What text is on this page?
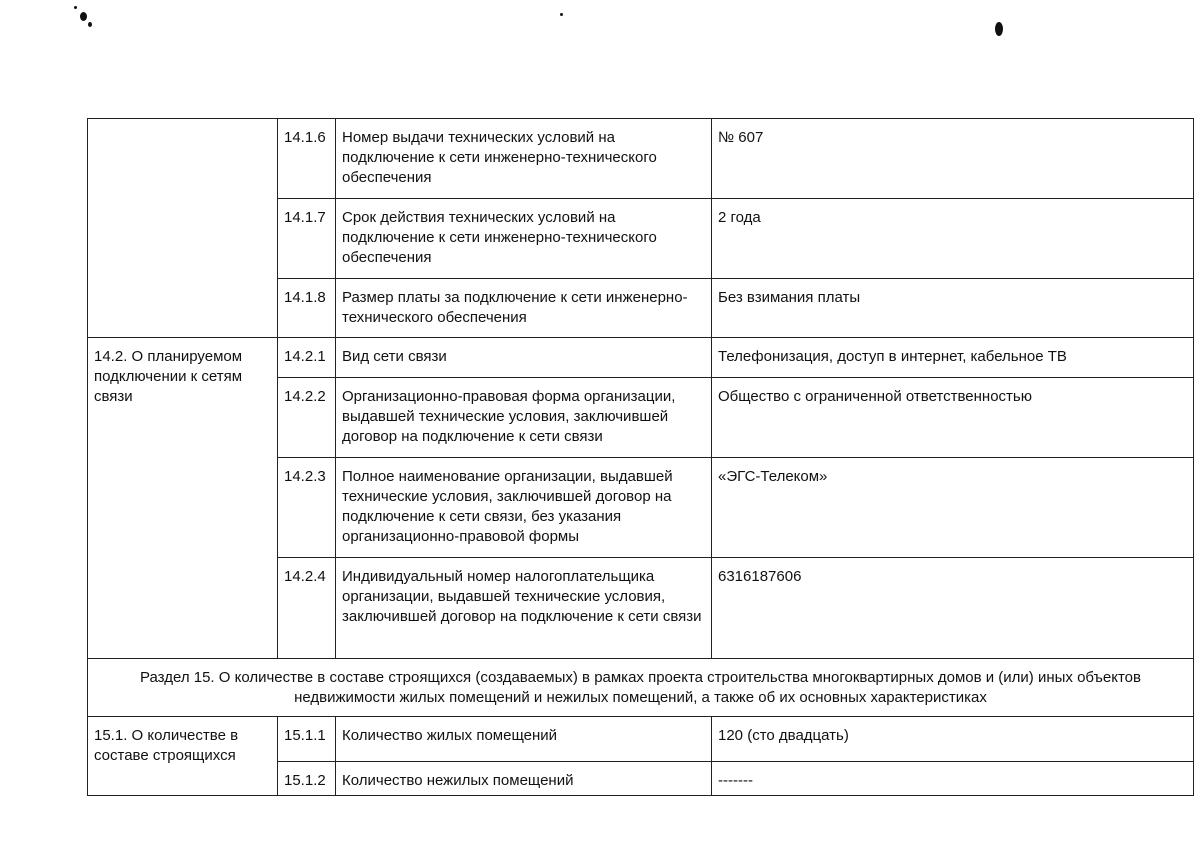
	14.1.6	Номер выдачи технических условий на подключение к сети инженерно-технического обеспечения	№ 607
	14.1.7	Срок действия технических условий на подключение к сети инженерно-технического обеспечения	2 года
	14.1.8	Размер платы за подключение к сети инженерно-технического обеспечения	Без взимания платы
14.2. О планируемом подключении к сетям связи	14.2.1	Вид сети связи	Телефонизация, доступ в интернет, кабельное ТВ
	14.2.2	Организационно-правовая форма организации, выдавшей технические условия, заключившей договор на подключение к сети связи	Общество с ограниченной ответственностью
	14.2.3	Полное наименование организации, выдавшей технические условия, заключившей договор на подключение к сети связи, без указания организационно-правовой формы	«ЭГС-Телеком»
	14.2.4	Индивидуальный номер налогоплательщика организации, выдавшей технические условия, заключившей договор на подключение к сети связи	6316187606
Раздел 15. О количестве в составе строящихся (создаваемых) в рамках проекта строительства многоквартирных домов и (или) иных объектов недвижимости жилых помещений и нежилых помещений, а также об их основных характеристиках			
15.1. О количестве в составе строящихся	15.1.1	Количество жилых помещений	120 (сто двадцать)
	15.1.2	Количество нежилых помещений	-------
